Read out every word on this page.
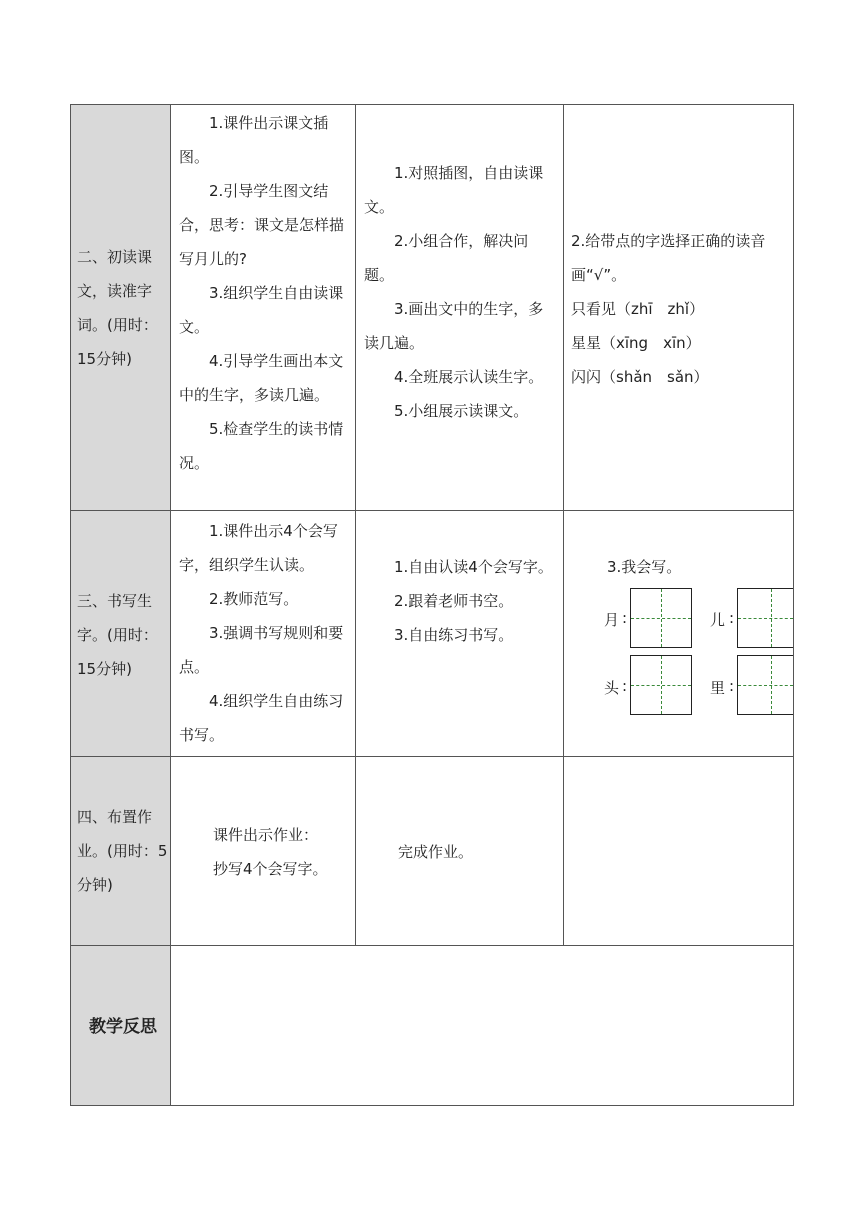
二、初读课文，读准字词。(用时：15分钟)

1.课件出示课文插图。

2.引导学生图文结合，思考：课文是怎样描写月儿的?

3.组织学生自由读课文。

4.引导学生画出本文中的生字，多读几遍。

5.检查学生的读书情况。

1.对照插图，自由读课文。

2.小组合作，解决问题。

3.画出文中的生字，多读几遍。

4.全班展示认读生字。

5.小组展示读课文。

2.给带点的字选择正确的读音画“√”。

只看见（zhī　zhǐ）

星星（xīng　xīn）

闪闪（shǎn　sǎn）

三、书写生字。(用时：15分钟)

1.课件出示4个会写字，组织学生认读。

2.教师范写。

3.强调书写规则和要点。

4.组织学生自由练习书写。

1.自由认读4个会写字。

2.跟着老师书空。

3.自由练习书写。

3.我会写。
月 :	儿 :
头 :	里 :
四、布置作业。(用时：5分钟)

课件出示作业：

抄写4个会写字。

完成作业。

教学反思
